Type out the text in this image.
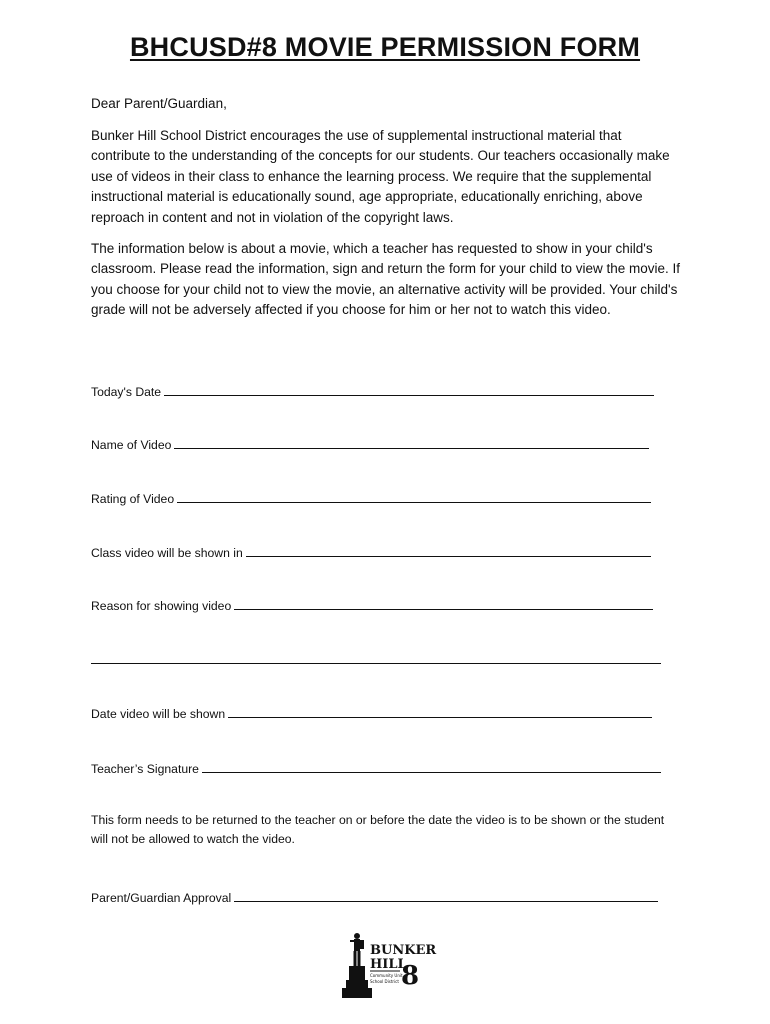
BHCUSD#8 MOVIE PERMISSION FORM
Dear Parent/Guardian,
Bunker Hill School District encourages the use of supplemental instructional material that contribute to the understanding of the concepts for our students. Our teachers occasionally make use of videos in their class to enhance the learning process. We require that the supplemental instructional material is educationally sound, age appropriate, educationally enriching, above reproach in content and not in violation of the copyright laws.
The information below is about a movie, which a teacher has requested to show in your child's classroom. Please read the information, sign and return the form for your child to view the movie. If you choose for your child not to view the movie, an alternative activity will be provided. Your child's grade will not be adversely affected if you choose for him or her not to watch this video.
Today's Date
Name of Video
Rating of Video
Class video will be shown in
Reason for showing video
Date video will be shown
Teacher’s Signature
This form needs to be returned to the teacher on or before the date the video is to be shown or the student will not be allowed to watch the video.
Parent/Guardian Approval
BUNKER
HILL
Community Unit
School District 8
